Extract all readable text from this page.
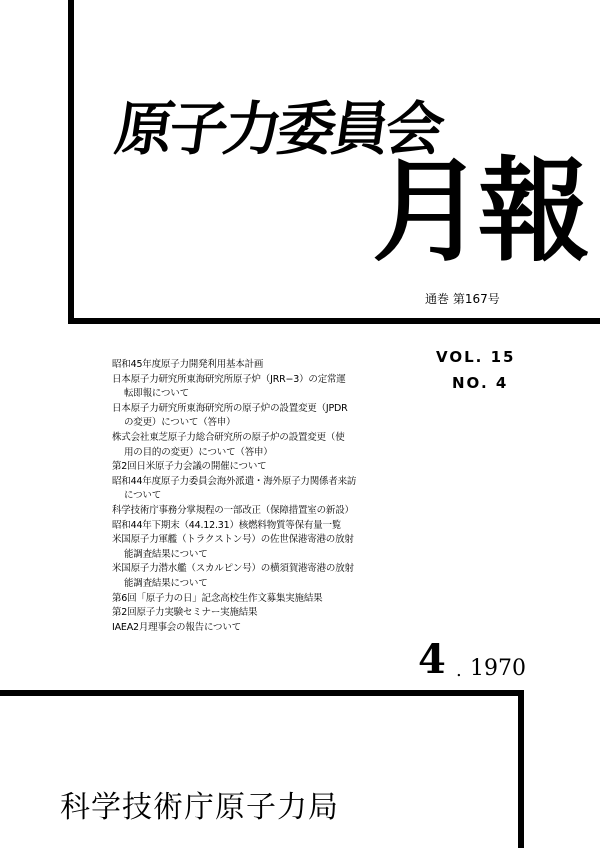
原子力委員会
月報
通巻 第167号
VOL. 15
NO. 4
昭和45年度原子力開発利用基本計画
日本原子力研究所東海研究所原子炉（JRR−3）の定常運
転即報について
日本原子力研究所東海研究所の原子炉の設置変更（JPDR
の変更）について（答申）
株式会社東芝原子力総合研究所の原子炉の設置変更（使
用の目的の変更）について（答申）
第2回日米原子力会議の開催について
昭和44年度原子力委員会海外派遣・海外原子力関係者来訪
について
科学技術庁事務分掌規程の一部改正（保障措置室の新設）
昭和44年下期末（44.12.31）核燃料物質等保有量一覧
米国原子力軍艦（トラクストン号）の佐世保港寄港の放射
能調査結果について
米国原子力潜水艦（スカルピン号）の横須賀港寄港の放射
能調査結果について
第6回「原子力の日」記念高校生作文募集実施結果
第2回原子力実験セミナー実施結果
IAEA2月理事会の報告について
4 . 1970
科学技術庁原子力局
